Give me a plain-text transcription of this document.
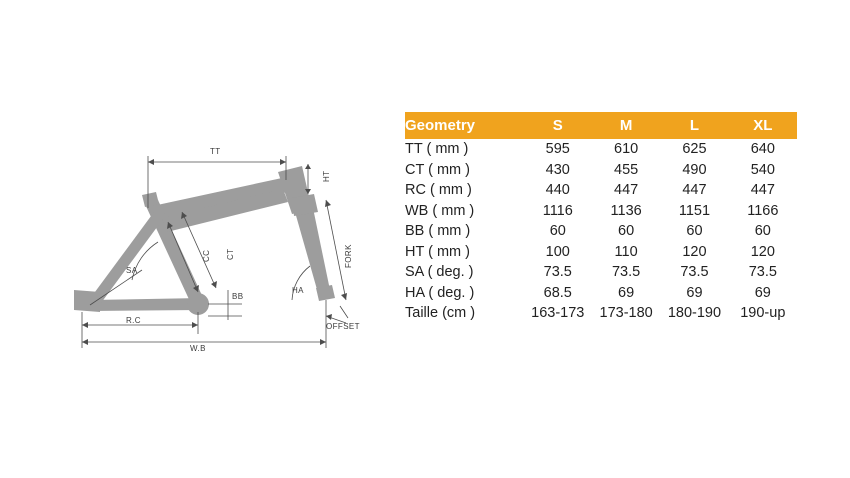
TT
HT
FORK
CT
CC
SA
HA
BB
R.C
W.B
OFFSET
Geometry	S	M	L	XL
TT ( mm )	595	610	625	640
CT ( mm )	430	455	490	540
RC ( mm )	440	447	447	447
WB ( mm )	1116	1136	1151	1166
BB ( mm )	60	60	60	60
HT ( mm )	100	110	120	120
SA ( deg. )	73.5	73.5	73.5	73.5
HA ( deg. )	68.5	69	69	69
Taille (cm )	163-173	173-180	180-190	190-up
